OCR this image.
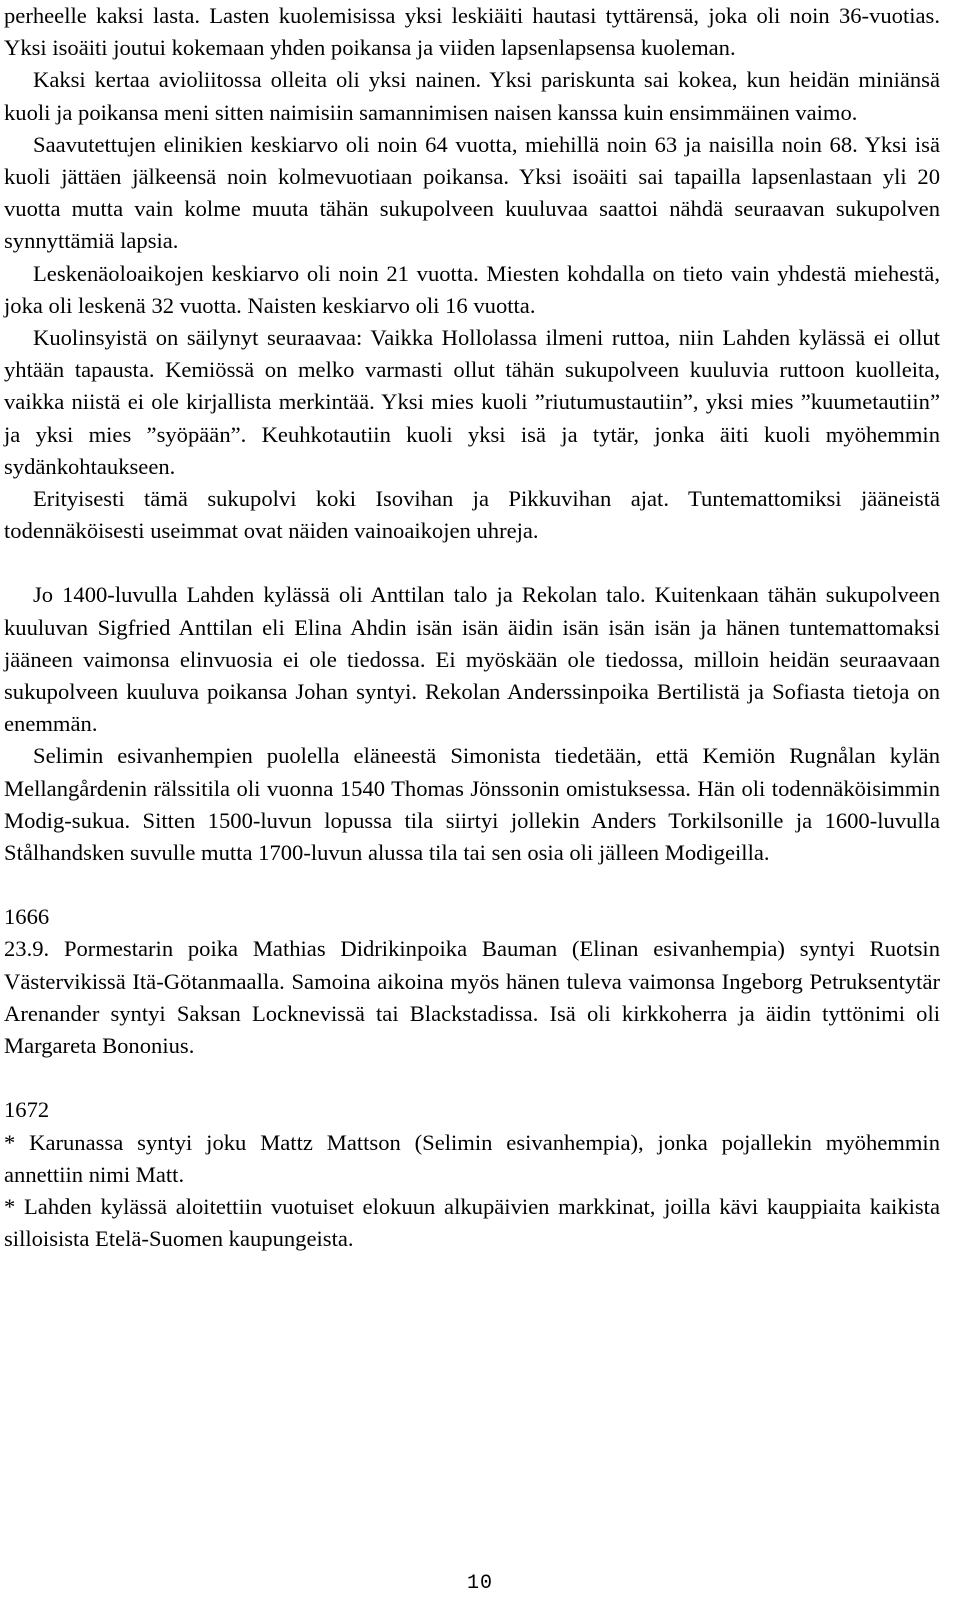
perheelle kaksi lasta. Lasten kuolemisissa yksi leskiäiti hautasi tyttärensä, joka oli noin 36-vuotias. Yksi isoäiti joutui kokemaan yhden poikansa ja viiden lapsenlapsensa kuoleman.

Kaksi kertaa avioliitossa olleita oli yksi nainen. Yksi pariskunta sai kokea, kun heidän miniänsä kuoli ja poikansa meni sitten naimisiin samannimisen naisen kanssa kuin ensimmäinen vaimo.

Saavutettujen elinikien keskiarvo oli noin 64 vuotta, miehillä noin 63 ja naisilla noin 68. Yksi isä kuoli jättäen jälkeensä noin kolmevuotiaan poikansa. Yksi isoäiti sai tapailla lapsenlastaan yli 20 vuotta mutta vain kolme muuta tähän sukupolveen kuuluvaa saattoi nähdä seuraavan sukupolven synnyttämiä lapsia.

Leskenäoloaikojen keskiarvo oli noin 21 vuotta. Miesten kohdalla on tieto vain yhdestä miehestä, joka oli leskenä 32 vuotta. Naisten keskiarvo oli 16 vuotta.

Kuolinsyistä on säilynyt seuraavaa: Vaikka Hollolassa ilmeni ruttoa, niin Lahden kylässä ei ollut yhtään tapausta. Kemiössä on melko varmasti ollut tähän sukupolveen kuuluvia ruttoon kuolleita, vaikka niistä ei ole kirjallista merkintää. Yksi mies kuoli ”riutumustautiin”, yksi mies ”kuumetautiin” ja yksi mies ”syöpään”. Keuhkotautiin kuoli yksi isä ja tytär, jonka äiti kuoli myöhemmin sydänkohtaukseen.

Erityisesti tämä sukupolvi koki Isovihan ja Pikkuvihan ajat. Tuntemattomiksi jääneistä todennäköisesti useimmat ovat näiden vainoaikojen uhreja.

Jo 1400-luvulla Lahden kylässä oli Anttilan talo ja Rekolan talo. Kuitenkaan tähän sukupolveen kuuluvan Sigfried Anttilan eli Elina Ahdin isän isän äidin isän isän isän ja hänen tuntemattomaksi jääneen vaimonsa elinvuosia ei ole tiedossa. Ei myöskään ole tiedossa, milloin heidän seuraavaan sukupolveen kuuluva poikansa Johan syntyi. Rekolan Anderssinpoika Bertilistä ja Sofiasta tietoja on enemmän.

Selimin esivanhempien puolella eläneestä Simonista tiedetään, että Kemiön Rugnålan kylän Mellangårdenin rälssitila oli vuonna 1540 Thomas Jönssonin omistuksessa. Hän oli todennäköisimmin Modig-sukua. Sitten 1500-luvun lopussa tila siirtyi jollekin Anders Torkilsonille ja 1600-luvulla Stålhandsken suvulle mutta 1700-luvun alussa tila tai sen osia oli jälleen Modigeilla.

1666

23.9. Pormestarin poika Mathias Didrikinpoika Bauman (Elinan esivanhempia) syntyi Ruotsin Västervikissä Itä-Götanmaalla. Samoina aikoina myös hänen tuleva vaimonsa Ingeborg Petruksentytär Arenander syntyi Saksan Locknevissä tai Blackstadissa. Isä oli kirkkoherra ja äidin tyttönimi oli Margareta Bononius.

1672

* Karunassa syntyi joku Mattz Mattson (Selimin esivanhempia), jonka pojallekin myöhemmin annettiin nimi Matt.

* Lahden kylässä aloitettiin vuotuiset elokuun alkupäivien markkinat, joilla kävi kauppiaita kaikista silloisista Etelä-Suomen kaupungeista.

10
